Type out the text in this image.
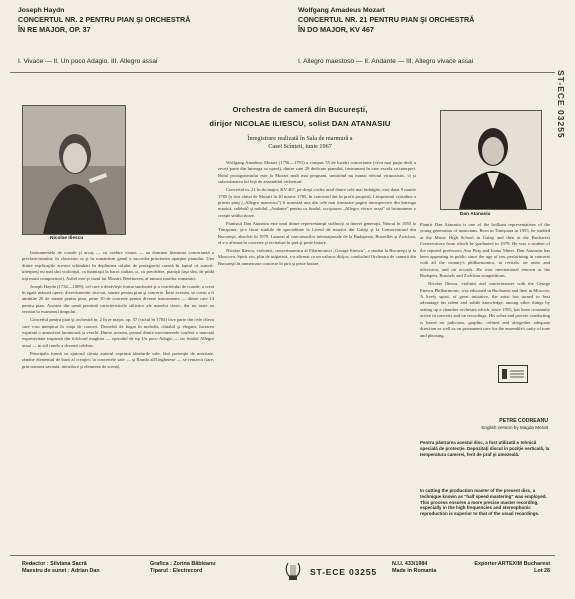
Joseph Haydn
CONCERTUL NR. 2 PENTRU PIAN ŞI ORCHESTRĂ
ÎN RE MAJOR, OP. 37
I. Vivace — II. Un poco Adagio. III. Allegro assai
Wolfgang Amadeus Mozart
CONCERTUL NR. 21 PENTRU PIAN ŞI ORCHESTRĂ
ÎN DO MAJOR, KV 467
I. Allegro maestoso — II. Andante — III. Allegro vivace assai
ST-ECE 03255
Orchestra de cameră din Bucureşti,
dirijor NICOLAE ILIESCU, solist DAN ATANASIU
Înregistrare realizată în Sala de marmură a
Casei Scînteii, iunie 1967
Nicolae Iliescu
Dan Atanasiu

Instrumentele de coarde şi arcuş — cu osebire vioara — au dominat literatura concertantă a preclasicismului; în clasicism ca şi în romantism genul a succedat prioritatea aparţine pianului. Una dintre explicaţiile acestei schimbări în deplinirea rolului de protagonist constă în faptul că autorii-interpreţi nu mai sînt violonişti, ca înaintaşii la baroc italian, ci, cu precădere, pianişti (aşa sînt, de pildă toţi marii compozitori). Astfel este şi cazul lui Mozart, Beethoven, al tuturor marilor romantici.

Joseph Haydn (1732—1809), cel care a desăvîrşit forma simfoniei şi a cvartetului de coarde, a creat în egală măsură opere, divertismente, trio-uri, sonate pentru pian şi concerte. Între acestea, se cuvin a fi amintite 20 de sonate pentru pian, peste 10 de concerte pentru diverse instrumente — dintre care 14 pentru pian. Acestea din urmă prezintă caracteristicile stilistice ale marelui clasic, dar nu toate au rezistat la examenul timpului.

Concertul pentru pian şi orchestră nr. 2 în re major, op. 37 (ciclul în 1784) face parte din cele cîteva care s-au menţinut în viaţa de concert. Deosebit de bogat în melodii, cîntabil şi elegant, lucrarea exprimă o atmosferă luminoasă şi veselă. Dintre acestea, primul dintre movimentele conferă o marcată expresivitate inspirată din folclorul maghiar — episodul de tip Un poco Adagio — iar finalul Allegro assai — in stil rondo a devenit celebru.

Principala formă cu ajutorul căruia autorul exprimă idealurile sale, fără pretenţie de unicitate, rămîne elementul de bază al creaţiei; la concertele sale — şi Rondo all'Ungherese — se remarcă (tare, prin tratarea savantă, introduce şi elemente de scenă).

Wolfgang Amadeus Mozart (1756—1791) a compus 55 de lucrări concertante (ceva mai puţin decît a zecea parte din întreaga sa operă), dintre care 28 dedicate pianului, instrument în care excela ca interpret. Rolul protagonistului este la Mozart mult mai pregnant, urmărind nu numai efectul virtuozistic, ci şi subordonarea lui faţă de ansamblul orchestral.

Concertul nr. 21 în do major, KV 467, pe drept cuvînt unul dintre cele mai îndrăgite, este datat 9 martie 1785 (a fost cîntat de Mozart la 10 martie 1785, în concertul dat în profit propriu). Limpezimii cristaline a primei părţi („Allegro maestoso") îi urmează una din cele mai frumoase pagini introspective din întreaga muzică, celebrul şi nobilul „Andante" pentru ca finalul, scrişoarea „Allegro vivace assai" să încununeze o creaţie strălucitoare.

Pianistul Dan Atanasiu este unul dintre reprezentanţii străluciţi ai tinerei generaţii. Născut în 1955 la Timişoara, şi-a făcut studiile de specialitate la Liceul de muzică din Galaţi şi la Conservatorul din Bucureşti, absolvit în 1979. Laureat al concursurilor internaţionale de la Budapesta, Bruxelles şi Zwickau, el s-a afirmat în concerte şi recitaluri în ţară şi peste hotare.

Nicolae Iliescu, violonist, concertmaestru al Filarmonicii „George Enescu", a studiat la Bucureşti şi la Moscova. Spirit viu, plin de iniţiativă, s-a afirmat ca un valoros dirijor, conducînd Orchestra de cameră din Bucureşti în numeroase concerte în ţară şi peste hotare.

Pianist Dan Atanasiu is one of the brilliant representatives of the young generation of musicians. Born in Timişoara in 1955, he studied at the Music High School in Galaţi and then at the Bucharest Conservatory from which he graduated in 1979. He was a student of the reputed professors Ana Pitiş and Ioana Minei. Dan Atanasiu has been appearing in public since the age of ten, performing in concerts with all the country's philharmonics, in recitals, on radio and television, and on records. He won international renown at the Budapest, Brussels and Zwickau competitions.

Nicolae Iliescu, violinist and concertmaster with the George Enescu Philharmonic, was educated in Bucharest and then in Moscow. A lively spirit, of great initiative, the artist has turned to best advantage his talent and subtle knowledge, among other things by setting up a chamber orchestra which, since 1955, has been constantly active in concerts and on recordings. His sober and precise conducting is based on judicious, graphic, refined and altogether adequate direction as well as on permanent care for the ensemble's unity of tone and phrasing.

PETRE CODREANU
English version by Magda Morait
Pentru păstrarea acestui disc, a fost utilizată o tehnică specială de protecţie. Depozitaţi discul în poziţie verticală, la temperatura camerei, ferit de praf şi umezeală.
In cutting the production master of the present disc, a technique known as "half speed mastering" was employed. This process ensures a more precise master recording, especially in the high frequencies and stereophonic reproduction is superior to that of the usual recordings.
Redactor : Silviana Sacră
Maestru de sunet : Adrian Dan
Grafica : Zorina Băbleanu
Tiparul : Electrecord	ST-ECE 03255
N.I.I. 433/1984
Made in Romania
Exporter ARTEXIM Bucharest
Lot 28
